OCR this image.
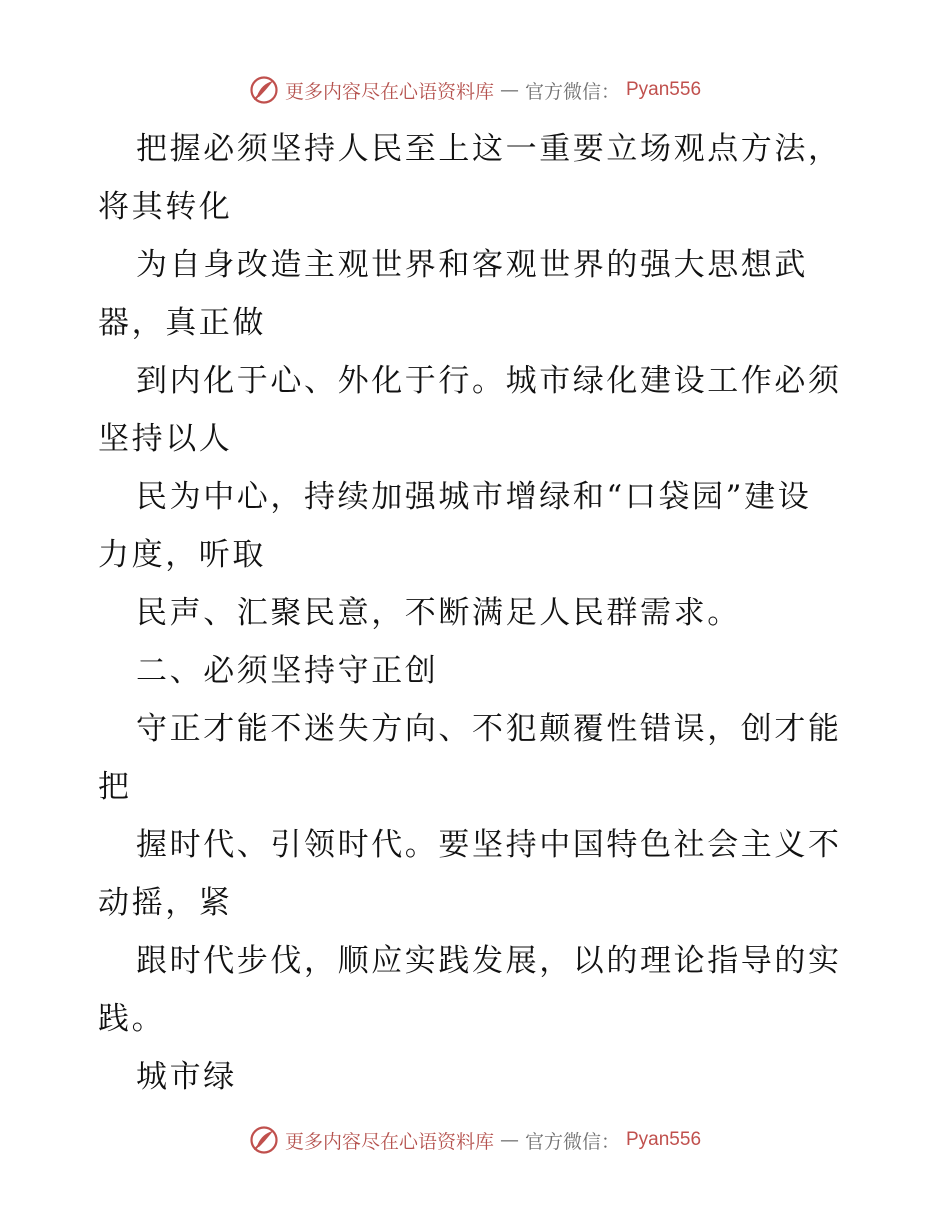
更多内容尽在心语资料库 — 官方微信： Pyan556
把握必须坚持人民至上这一重要立场观点方法，
将其转化
为自身改造主观世界和客观世界的强大思想武
器，真正做
到内化于心、外化于行。城市绿化建设工作必须
坚持以人
民为中心，持续加强城市增绿和“口袋园”建设
力度，听取
民声、汇聚民意，不断满足人民群需求。
二、必须坚持守正创
守正才能不迷失方向、不犯颠覆性错误，创才能
把
握时代、引领时代。要坚持中国特色社会主义不
动摇，紧
跟时代步伐，顺应实践发展，以的理论指导的实
践。
城市绿
更多内容尽在心语资料库 — 官方微信： Pyan556
